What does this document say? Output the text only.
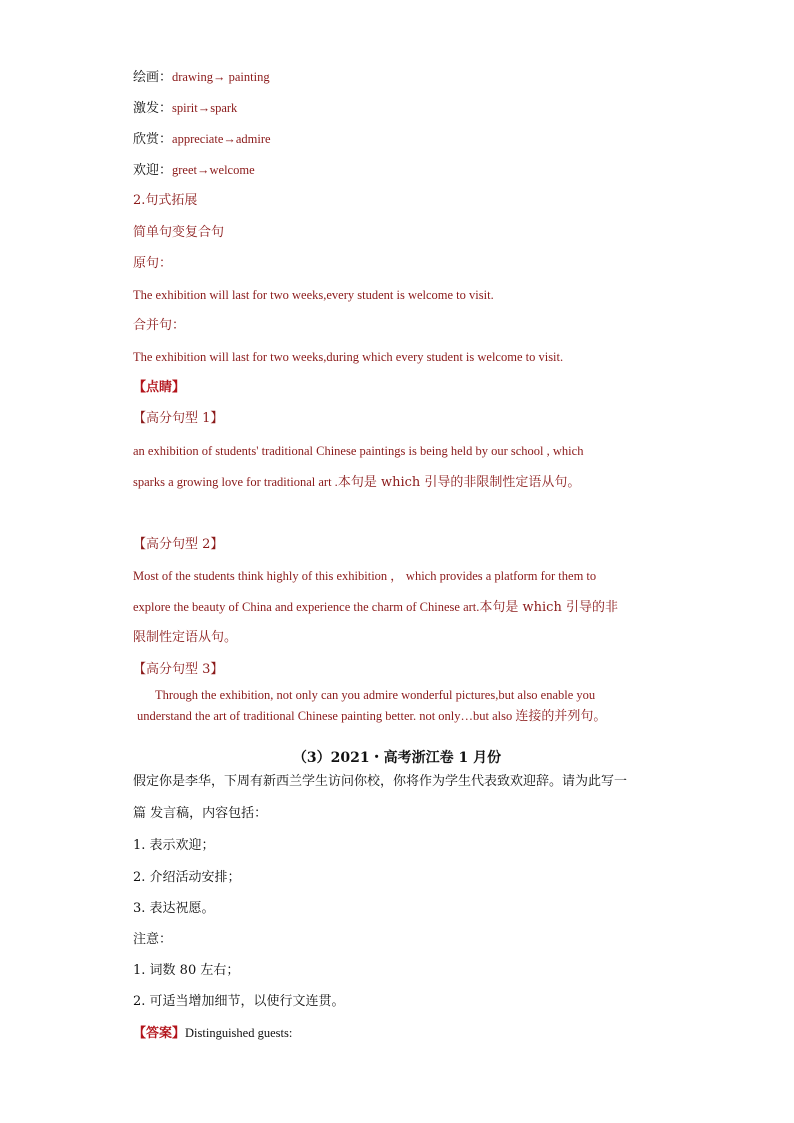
绘画：drawing→ painting
激发：spirit→spark
欣赏：appreciate→admire
欢迎：greet→welcome
2.句式拓展
简单句变复合句
原句：
The exhibition will last for two weeks,every student is welcome to visit.
合并句：
The exhibition will last for two weeks,during which every student is welcome to visit.
【点睛】
【高分句型 1】
an exhibition of students' traditional Chinese paintings is being held by our school , which
sparks a growing love for traditional art .本句是 which 引导的非限制性定语从句。
【高分句型 2】
Most of the students think highly of this exhibition ， which provides a platform for them to
explore the beauty of China and experience the charm of Chinese art.本句是 which 引导的非
限制性定语从句。
【高分句型 3】
Through the exhibition, not only can you admire wonderful pictures,but also enable you
understand the art of traditional Chinese painting better. not only…but also 连接的并列句。
（3）2021・高考浙江卷 1 月份
假定你是李华，下周有新西兰学生访问你校，你将作为学生代表致欢迎辞。请为此写一
篇 发言稿，内容包括：
1. 表示欢迎；
2. 介绍活动安排；
3. 表达祝愿。
注意：
1. 词数 80 左右；
2. 可适当增加细节，以使行文连贯。
【答案】Distinguished guests:
